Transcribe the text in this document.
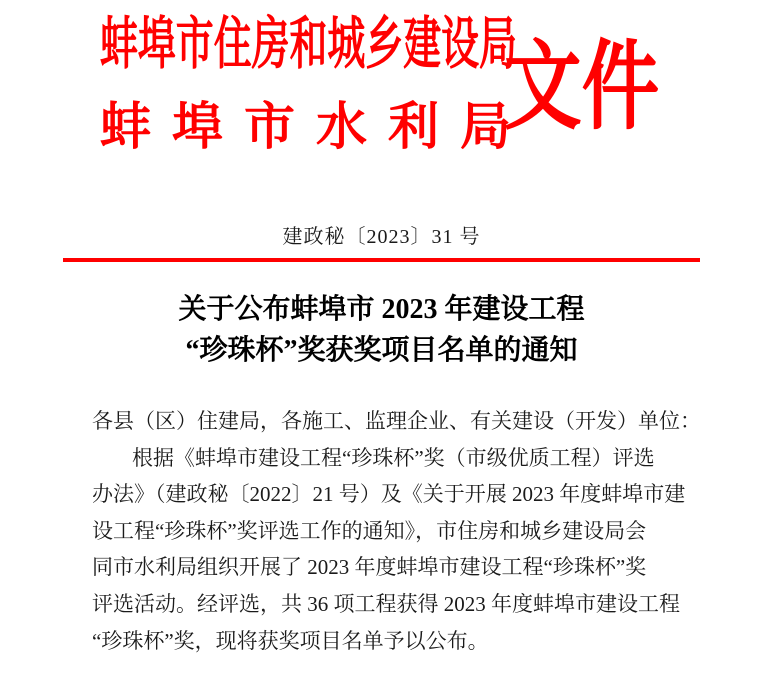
蚌埠市住房和城乡建设局
蚌埠市水利局
文件
建政秘〔2023〕31 号
关于公布蚌埠市 2023 年建设工程
“珍珠杯”奖获奖项目名单的通知
各县（区）住建局，各施工、监理企业、有关建设（开发）单位：
根据《蚌埠市建设工程“珍珠杯”奖（市级优质工程）评选
办法》（建政秘〔2022〕21 号）及《关于开展 2023 年度蚌埠市建
设工程“珍珠杯”奖评选工作的通知》，市住房和城乡建设局会
同市水利局组织开展了 2023 年度蚌埠市建设工程“珍珠杯”奖
评选活动。经评选，共 36 项工程获得 2023 年度蚌埠市建设工程
“珍珠杯”奖，现将获奖项目名单予以公布。
